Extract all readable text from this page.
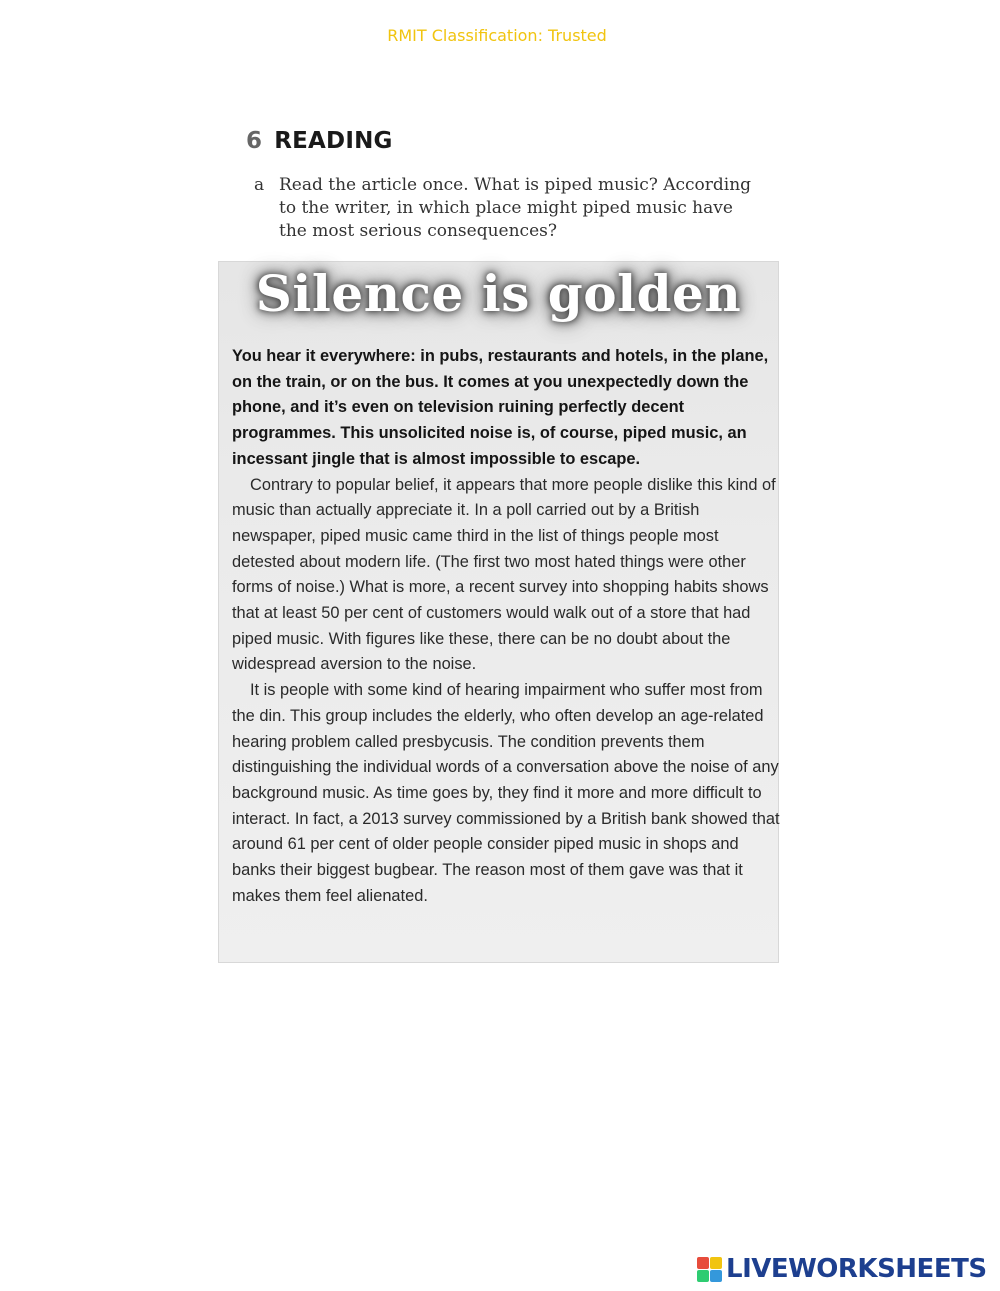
RMIT Classification: Trusted
6 READING
a Read the article once. What is piped music? According to the writer, in which place might piped music have the most serious consequences?
Silence is golden

You hear it everywhere: in pubs, restaurants and hotels, in the plane, on the train, or on the bus. It comes at you unexpectedly down the phone, and it’s even on television ruining perfectly decent programmes. This unsolicited noise is, of course, piped music, an incessant jingle that is almost impossible to escape.

Contrary to popular belief, it appears that more people dislike this kind of music than actually appreciate it. In a poll carried out by a British newspaper, piped music came third in the list of things people most detested about modern life. (The first two most hated things were other forms of noise.) What is more, a recent survey into shopping habits shows that at least 50 per cent of customers would walk out of a store that had piped music. With figures like these, there can be no doubt about the widespread aversion to the noise.

It is people with some kind of hearing impairment who suffer most from the din. This group includes the elderly, who often develop an age-related hearing problem called presbycusis. The condition prevents them distinguishing the individual words of a conversation above the noise of any background music. As time goes by, they find it more and more difficult to interact. In fact, a 2013 survey commissioned by a British bank showed that around 61 per cent of older people consider piped music in shops and banks their biggest bugbear. The reason most of them gave was that it makes them feel alienated.

LIVEWORKSHEETS
